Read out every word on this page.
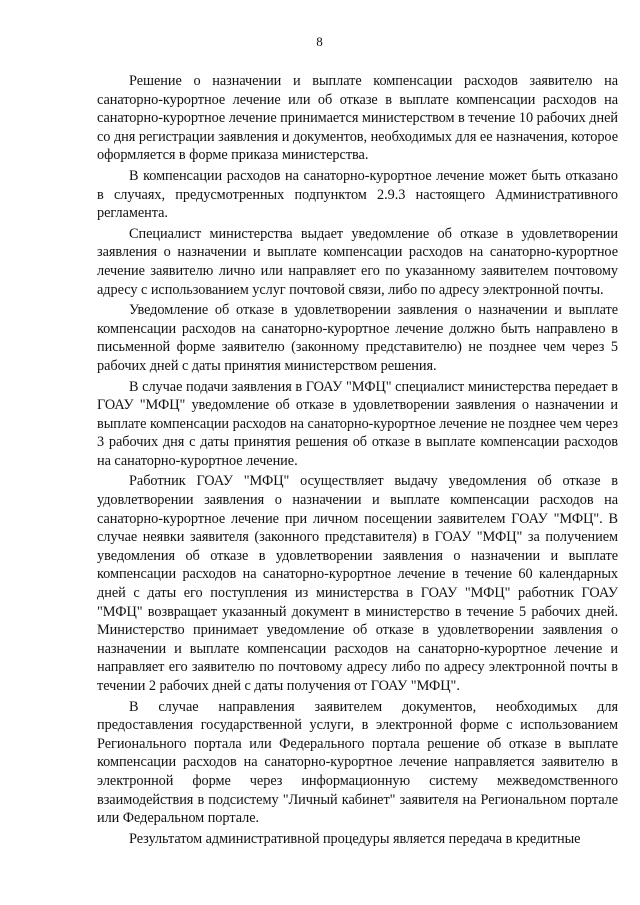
8

Решение о назначении и выплате компенсации расходов заявителю на санаторно-курортное лечение или об отказе в выплате компенсации расходов на санаторно-курортное лечение принимается министерством в течение 10 рабочих дней со дня регистрации заявления и документов, необходимых для ее назначения, которое оформляется в форме приказа министерства.

В компенсации расходов на санаторно-курортное лечение может быть отказано в случаях, предусмотренных подпунктом 2.9.3 настоящего Административного регламента.

Специалист министерства выдает уведомление об отказе в удовлетворении заявления о назначении и выплате компенсации расходов на санаторно-курортное лечение заявителю лично или направляет его по указанному заявителем почтовому адресу с использованием услуг почтовой связи, либо по адресу электронной почты.

Уведомление об отказе в удовлетворении заявления о назначении и выплате компенсации расходов на санаторно-курортное лечение должно быть направлено в письменной форме заявителю (законному представителю) не позднее чем через 5 рабочих дней с даты принятия министерством решения.

В случае подачи заявления в ГОАУ "МФЦ" специалист министерства передает в ГОАУ "МФЦ" уведомление об отказе в удовлетворении заявления о назначении и выплате компенсации расходов на санаторно-курортное лечение не позднее чем через 3 рабочих дня с даты принятия решения об отказе в выплате компенсации расходов на санаторно-курортное лечение.

Работник ГОАУ "МФЦ" осуществляет выдачу уведомления об отказе в удовлетворении заявления о назначении и выплате компенсации расходов на санаторно-курортное лечение при личном посещении заявителем ГОАУ "МФЦ". В случае неявки заявителя (законного представителя) в ГОАУ "МФЦ" за получением уведомления об отказе в удовлетворении заявления о назначении и выплате компенсации расходов на санаторно-курортное лечение в течение 60 календарных дней с даты его поступления из министерства в ГОАУ "МФЦ" работник ГОАУ "МФЦ" возвращает указанный документ в министерство в течение 5 рабочих дней. Министерство принимает уведомление об отказе в удовлетворении заявления о назначении и выплате компенсации расходов на санаторно-курортное лечение и направляет его заявителю по почтовому адресу либо по адресу электронной почты в течении 2 рабочих дней с даты получения от ГОАУ "МФЦ".

В случае направления заявителем документов, необходимых для предоставления государственной услуги, в электронной форме с использованием Регионального портала или Федерального портала решение об отказе в выплате компенсации расходов на санаторно-курортное лечение направляется заявителю в электронной форме через информационную систему межведомственного взаимодействия в подсистему "Личный кабинет" заявителя на Региональном портале или Федеральном портале.

Результатом административной процедуры является передача в кредитные
